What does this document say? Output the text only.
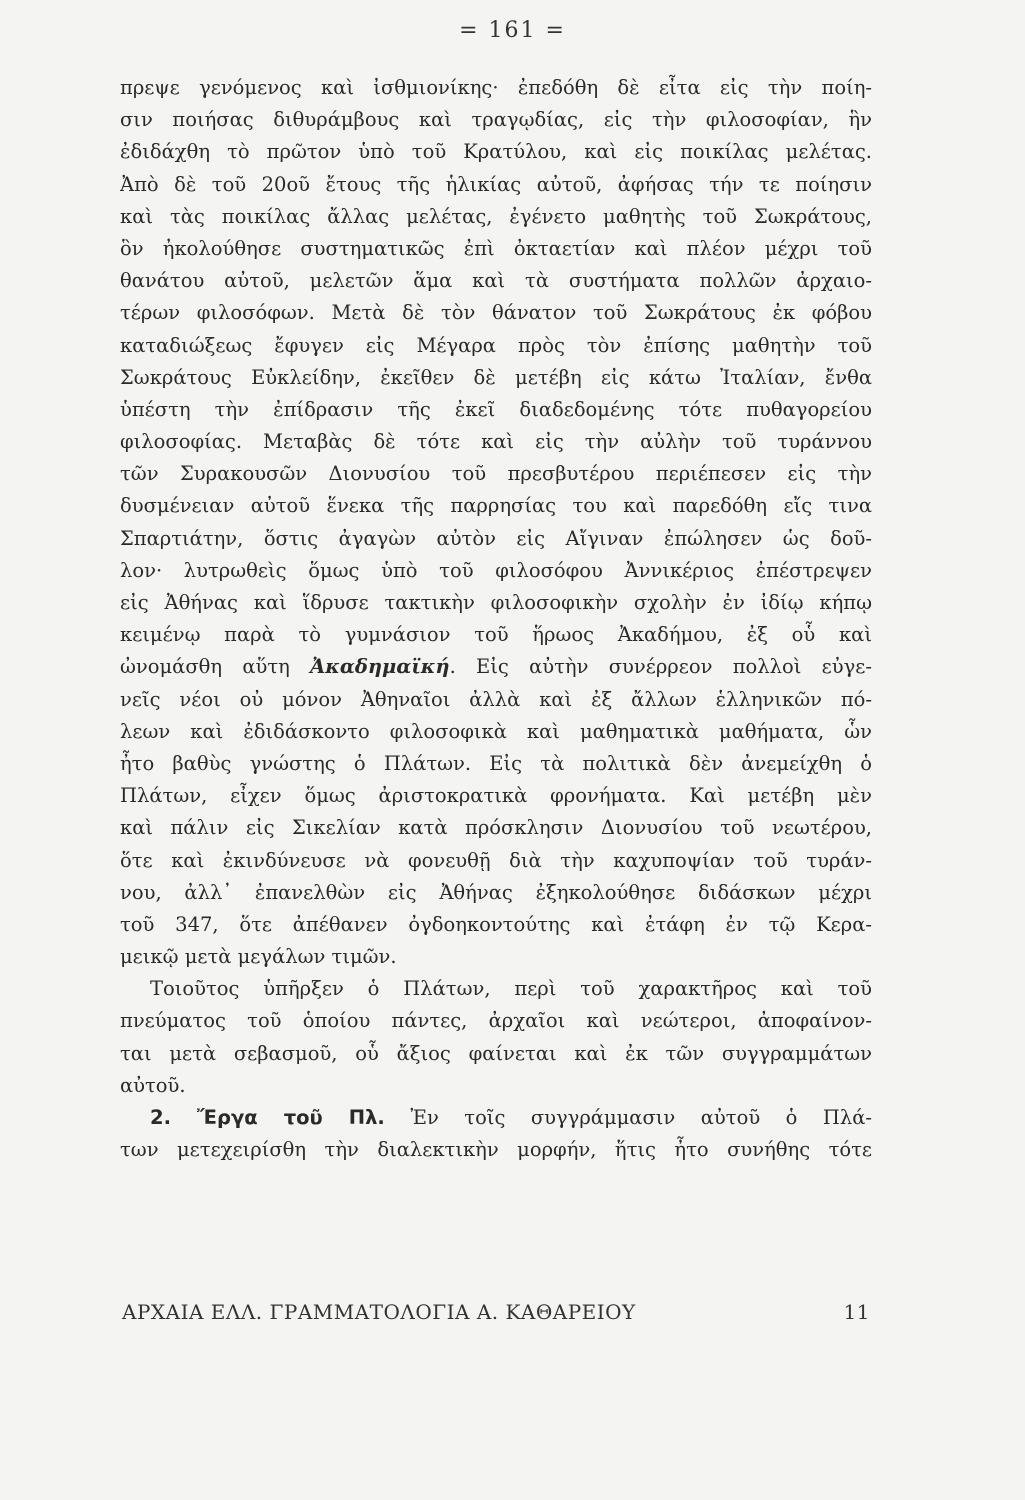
= 161 =
πρεψε γενόμενος καὶ ἰσθμιονίκης· ἐπεδόθη δὲ εἶτα εἰς τὴν ποίη-
σιν ποιήσας διθυράμβους καὶ τραγῳδίας, εἰς τὴν φιλοσοφίαν, ἣν
ἐδιδάχθη τὸ πρῶτον ὑπὸ τοῦ Κρατύλου, καὶ εἰς ποικίλας μελέτας.
Ἀπὸ δὲ τοῦ 20οῦ ἔτους τῆς ἡλικίας αὐτοῦ, ἀφήσας τήν τε ποίησιν
καὶ τὰς ποικίλας ἄλλας μελέτας, ἐγένετο μαθητὴς τοῦ Σωκράτους,
ὃν ἠκολούθησε συστηματικῶς ἐπὶ ὀκταετίαν καὶ πλέον μέχρι τοῦ
θανάτου αὐτοῦ, μελετῶν ἅμα καὶ τὰ συστήματα πολλῶν ἀρχαιο-
τέρων φιλοσόφων. Μετὰ δὲ τὸν θάνατον τοῦ Σωκράτους ἐκ φόβου
καταδιώξεως ἔφυγεν εἰς Μέγαρα πρὸς τὸν ἐπίσης μαθητὴν τοῦ
Σωκράτους Εὐκλείδην, ἐκεῖθεν δὲ μετέβη εἰς κάτω Ἰταλίαν, ἔνθα
ὑπέστη τὴν ἐπίδρασιν τῆς ἐκεῖ διαδεδομένης τότε πυθαγορείου
φιλοσοφίας. Μεταβὰς δὲ τότε καὶ εἰς τὴν αὐλὴν τοῦ τυράννου
τῶν Συρακουσῶν Διονυσίου τοῦ πρεσβυτέρου περιέπεσεν εἰς τὴν
δυσμένειαν αὐτοῦ ἕνεκα τῆς παρρησίας του καὶ παρεδόθη εἴς τινα
Σπαρτιάτην, ὅστις ἀγαγὼν αὐτὸν εἰς Αἴγιναν ἐπώλησεν ὡς δοῦ-
λον· λυτρωθεὶς ὅμως ὑπὸ τοῦ φιλοσόφου Ἀννικέριος ἐπέστρεψεν
εἰς Ἀθήνας καὶ ἵδρυσε τακτικὴν φιλοσοφικὴν σχολὴν ἐν ἰδίῳ κήπῳ
κειμένῳ παρὰ τὸ γυμνάσιον τοῦ ἥρωος Ἀκαδήμου, ἐξ οὗ καὶ
ὠνομάσθη αὕτη Ἀκαδημαϊκή. Εἰς αὐτὴν συνέρρεον πολλοὶ εὐγε-
νεῖς νέοι οὐ μόνον Ἀθηναῖοι ἀλλὰ καὶ ἐξ ἄλλων ἑλληνικῶν πό-
λεων καὶ ἐδιδάσκοντο φιλοσοφικὰ καὶ μαθηματικὰ μαθήματα, ὧν
ἦτο βαθὺς γνώστης ὁ Πλάτων. Εἰς τὰ πολιτικὰ δὲν ἀνεμείχθη ὁ
Πλάτων, εἶχεν ὅμως ἀριστοκρατικὰ φρονήματα. Καὶ μετέβη μὲν
καὶ πάλιν εἰς Σικελίαν κατὰ πρόσκλησιν Διονυσίου τοῦ νεωτέρου,
ὅτε καὶ ἐκινδύνευσε νὰ φονευθῇ διὰ τὴν καχυποψίαν τοῦ τυράν-
νου, ἀλλ᾽ ἐπανελθὼν εἰς Ἀθήνας ἐξηκολούθησε διδάσκων μέχρι
τοῦ 347, ὅτε ἀπέθανεν ὀγδοηκοντούτης καὶ ἐτάφη ἐν τῷ Κερα-
μεικῷ μετὰ μεγάλων τιμῶν.
Τοιοῦτος ὑπῆρξεν ὁ Πλάτων, περὶ τοῦ χαρακτῆρος καὶ τοῦ
πνεύματος τοῦ ὁποίου πάντες, ἀρχαῖοι καὶ νεώτεροι, ἀποφαίνον-
ται μετὰ σεβασμοῦ, οὗ ἄξιος φαίνεται καὶ ἐκ τῶν συγγραμμάτων
αὐτοῦ.
2. Ἔργα τοῦ Πλ. Ἐν τοῖς συγγράμμασιν αὐτοῦ ὁ Πλά-
των μετεχειρίσθη τὴν διαλεκτικὴν μορφήν, ἥτις ἦτο συνήθης τότε
ΑΡΧΑΙΑ ΕΛΛ. ΓΡΑΜΜΑΤΟΛΟΓΙΑ Α. ΚΑΘΑΡΕΙΟΥ	11
